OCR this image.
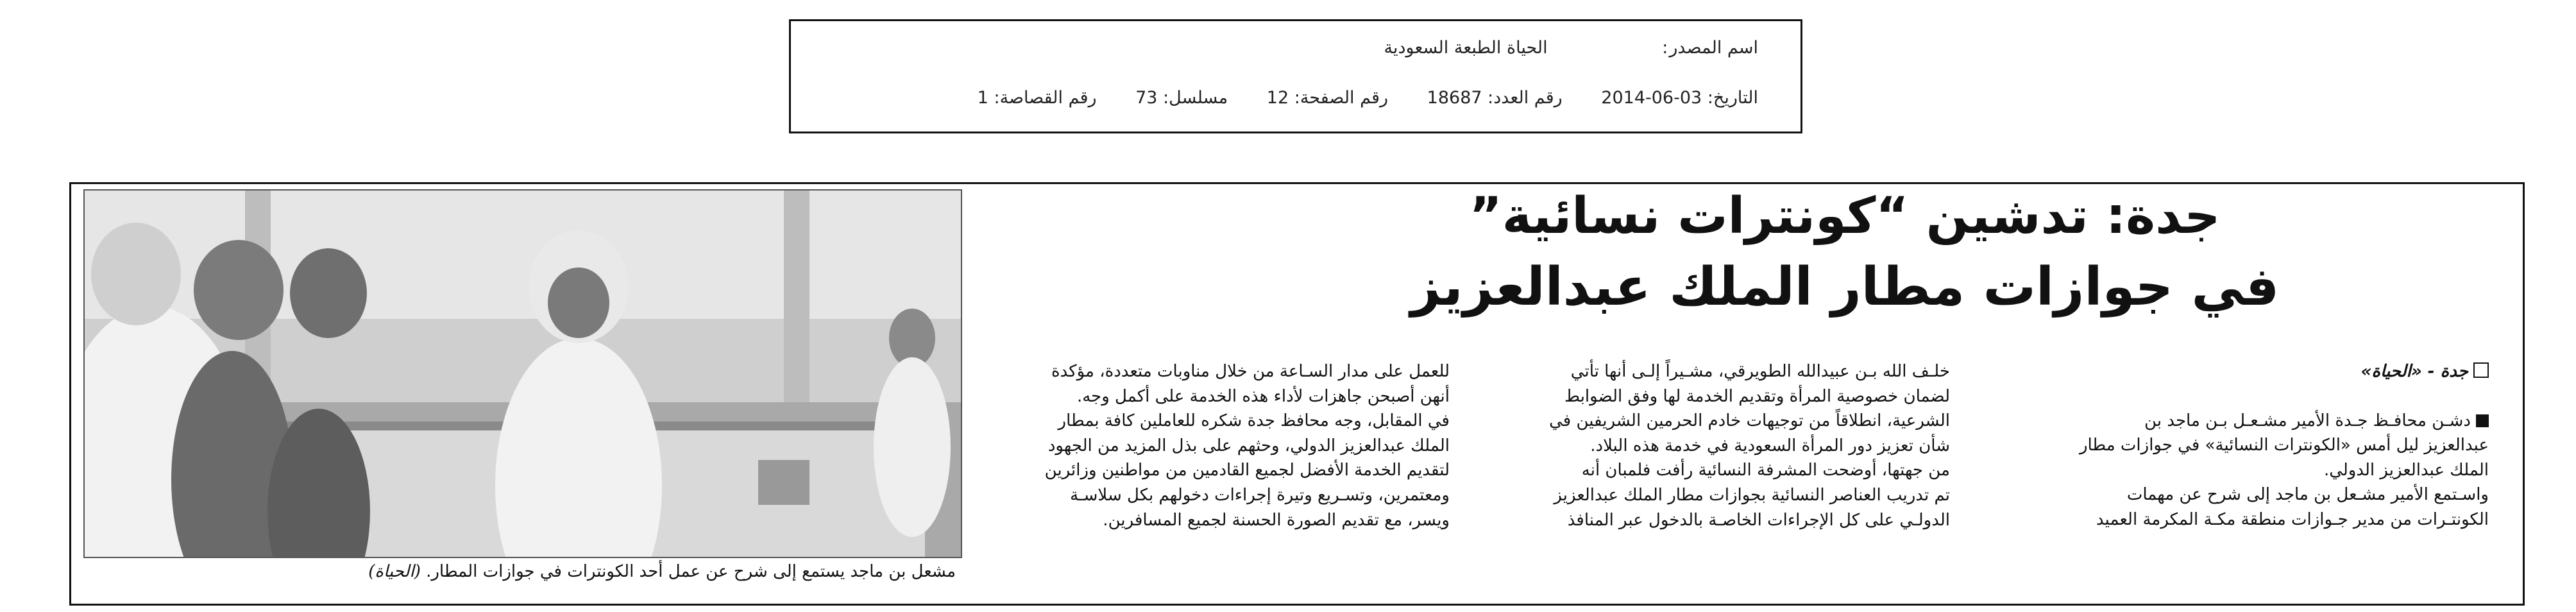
اسم المصدر: الحياة الطبعة السعودية
التاريخ: 2014-06-03 رقم العدد: 18687 رقم الصفحة: 12 مسلسل: 73 رقم القصاصة: 1
مشعل بن ماجد يستمع إلى شرح عن عمل أحد الكونترات في جوازات المطار. (الحياة)
جدة: تدشين “كونترات نسائية”
في جوازات مطار الملك عبدالعزيز

جدة - «الحياة»

دشـن محافـظ جـدة الأمير مشـعـل بـن ماجد بن

عبدالعزيز ليل أمس «الكونترات النسائية» في جوازات مطار

الملك عبدالعزيز الدولي.

واسـتمع الأمير مشـعل بن ماجد إلى شرح عن مهمات

الكونتـرات من مدير جـوازات منطقة مكـة المكرمة العميد

خلـف الله بـن عبيدالله الطويرقي، مشـيراً إلـى أنها تأتي

لضمان خصوصية المرأة وتقديم الخدمة لها وفق الضوابط

الشرعية، انطلاقاً من توجيهات خادم الحرمين الشريفين في

شأن تعزيز دور المرأة السعودية في خدمة هذه البلاد.

من جهتها، أوضحت المشرفة النسائية رأفت فلمبان أنه

تم تدريب العناصر النسائية بجوازات مطار الملك عبدالعزيز

الدولـي على كل الإجراءات الخاصـة بالدخول عبر المنافذ

للعمل على مدار السـاعة من خلال مناوبات متعددة، مؤكدة

أنهن أصبحن جاهزات لأداء هذه الخدمة على أكمل وجه.

في المقابل، وجه محافظ جدة شكره للعاملين كافة بمطار

الملك عبدالعزيز الدولي، وحثهم على بذل المزيد من الجهود

لتقديم الخدمة الأفضل لجميع القادمين من مواطنين وزائرين

ومعتمرين، وتسـريع وتيرة إجراءات دخولهم بكل سلاسـة

ويسر، مع تقديم الصورة الحسنة لجميع المسافرين.
